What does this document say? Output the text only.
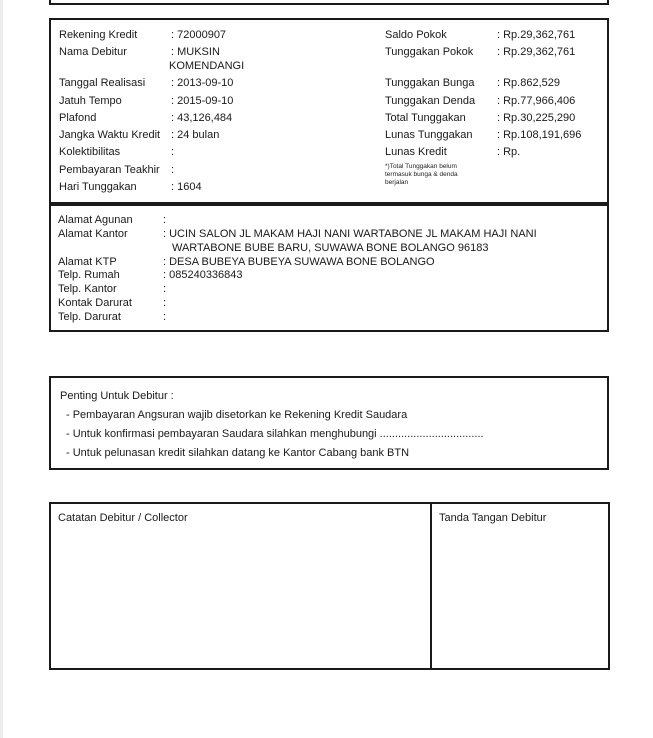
Rekening Kredit	: 72000907
Nama Debitur	: MUKSIN
KOMENDANGI
Tanggal Realisasi : 2013-09-10
Jatuh Tempo	: 2015-09-10
Plafond	: 43,126,484
Jangka Waktu Kredit : 24 bulan
Kolektibilitas	:
Pembayaran Teakhir :
Hari Tunggakan	: 1604
Saldo Pokok	: Rp.29,362,761
Tunggakan Pokok : Rp.29,362,761
Tunggakan Bunga : Rp.862,529
Tunggakan Denda : Rp.77,966,406
Total Tunggakan	: Rp.30,225,290
Lunas Tunggakan : Rp.108,191,696
Lunas Kredit	: Rp.
*)Total Tunggakan belum
termasuk bunga & denda
berjalan
Alamat Agunan	:
Alamat Kantor	: UCIN SALON JL MAKAM HAJI NANI WARTABONE JL MAKAM HAJI NANI
WARTABONE BUBE BARU, SUWAWA BONE BOLANGO 96183
Alamat KTP	: DESA BUBEYA BUBEYA SUWAWA BONE BOLANGO
Telp. Rumah	: 085240336843
Telp. Kantor	:
Kontak Darurat	:
Telp. Darurat	:
Penting Untuk Debitur :
- Pembayaran Angsuran wajib disetorkan ke Rekening Kredit Saudara
- Untuk konfirmasi pembayaran Saudara silahkan menghubungi ..................................
- Untuk pelunasan kredit silahkan datang ke Kantor Cabang bank BTN
Catatan Debitur / Collector	Tanda Tangan Debitur
